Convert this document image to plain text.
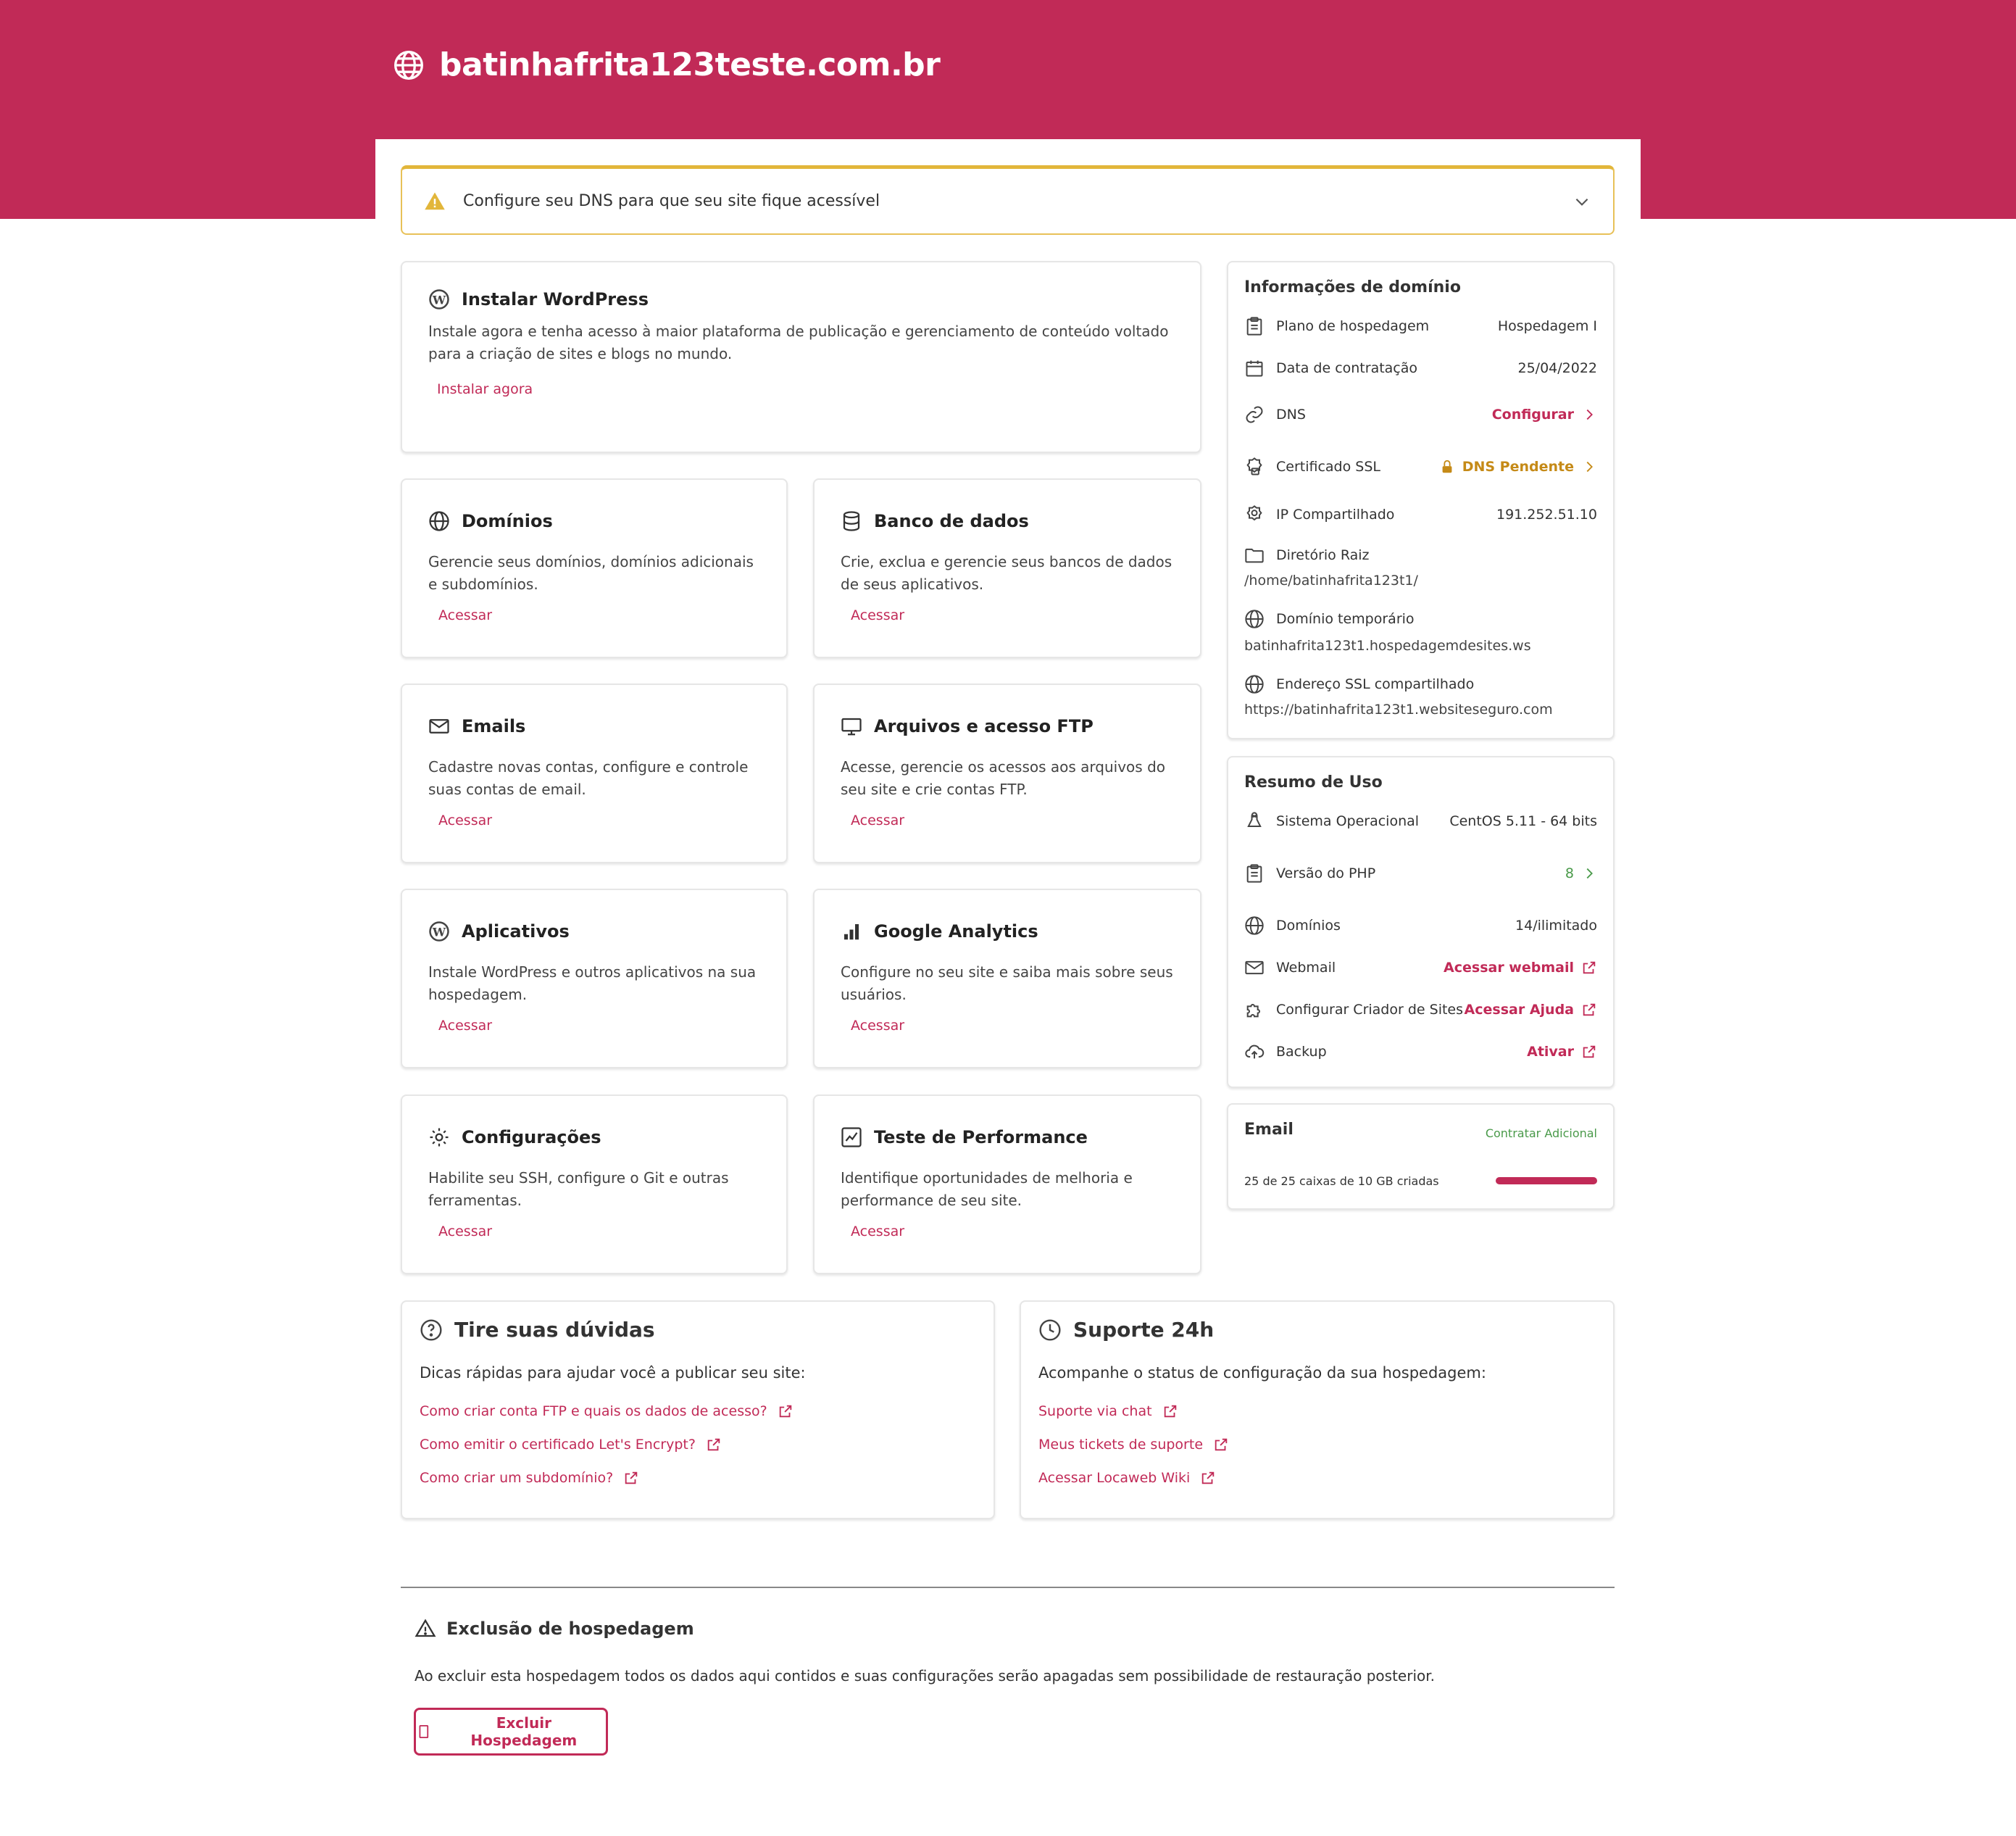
batinhafrita123teste.com.br
Configure seu DNS para que seu site fique acessível
W Instalar WordPress
Instale agora e tenha acesso à maior plataforma de publicação e gerenciamento de conteúdo voltado para a criação de sites e blogs no mundo.
Instalar agora
Domínios
Gerencie seus domínios, domínios adicionais e subdomínios.
Acessar
Banco de dados
Crie, exclua e gerencie seus bancos de dados de seus aplicativos.
Acessar
Emails
Cadastre novas contas, configure e controle suas contas de email.
Acessar
Arquivos e acesso FTP
Acesse, gerencie os acessos aos arquivos do seu site e crie contas FTP.
Acessar
W Aplicativos
Instale WordPress e outros aplicativos na sua hospedagem.
Acessar
Google Analytics
Configure no seu site e saiba mais sobre seus usuários.
Acessar
Configurações
Habilite seu SSH, configure o Git e outras ferramentas.
Acessar
Teste de Performance
Identifique oportunidades de melhoria e performance de seu site.
Acessar
Informações de domínio
Plano de hospedagem	Hospedagem I
Data de contratação	25/04/2022
DNS	Configurar
Certificado SSL	DNS Pendente
IP Compartilhado	191.252.51.10
Diretório Raiz
/home/batinhafrita123t1/
Domínio temporário
batinhafrita123t1.hospedagemdesites.ws
Endereço SSL compartilhado
https://batinhafrita123t1.websiteseguro.com
Resumo de Uso
Sistema Operacional	CentOS 5.11 - 64 bits
Versão do PHP	8
Domínios	14/ilimitado
Webmail	Acessar webmail
Configurar Criador de Sites Acessar Ajuda
Backup	Ativar
Email	Contratar Adicional
25 de 25 caixas de 10 GB criadas
Tire suas dúvidas
Dicas rápidas para ajudar você a publicar seu site:
Como criar conta FTP e quais os dados de acesso?
Como emitir o certificado Let's Encrypt?
Como criar um subdomínio?
Suporte 24h
Acompanhe o status de configuração da sua hospedagem:
Suporte via chat
Meus tickets de suporte
Acessar Locaweb Wiki
Exclusão de hospedagem
Ao excluir esta hospedagem todos os dados aqui contidos e suas configurações serão apagadas sem possibilidade de restauração posterior.
Excluir Hospedagem
